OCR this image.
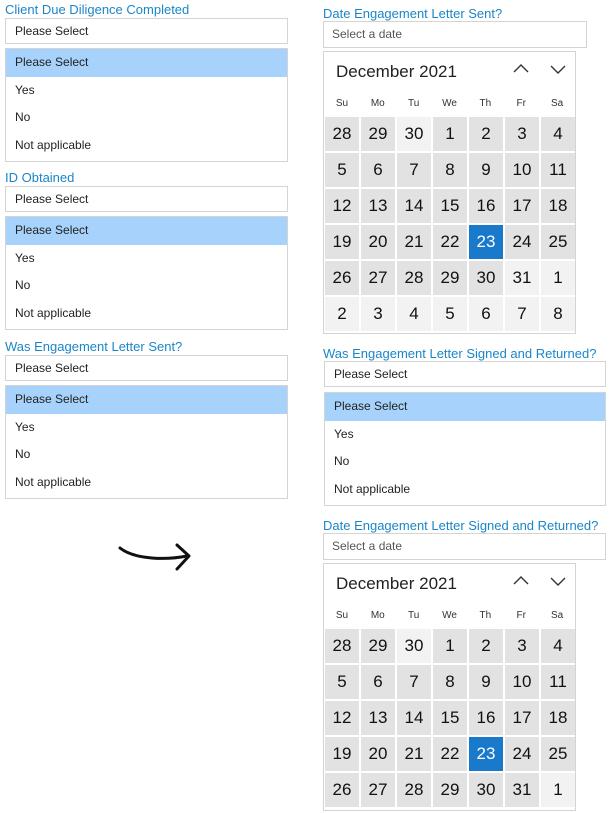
Client Due Diligence Completed
Please Select
Please Select
Yes
No
Not applicable
ID Obtained
Please Select
Please Select
Yes
No
Not applicable
Was Engagement Letter Sent?
Please Select
Please Select
Yes
No
Not applicable
Date Engagement Letter Sent?
Select a date
December 2021
Su	Mo	Tu	We	Th	Fr	Sa
28	29	30	1	2	3	4
5	6	7	8	9	10	11
12	13	14	15	16	17	18
19	20	21	22	23	24	25
26	27	28	29	30	31	1
2	3	4	5	6	7	8
Was Engagement Letter Signed and Returned?
Please Select
Please Select
Yes
No
Not applicable
Date Engagement Letter Signed and Returned?
Select a date
December 2021
Su	Mo	Tu	We	Th	Fr	Sa
28	29	30	1	2	3	4
5	6	7	8	9	10	11
12	13	14	15	16	17	18
19	20	21	22	23	24	25
26	27	28	29	30	31	1
